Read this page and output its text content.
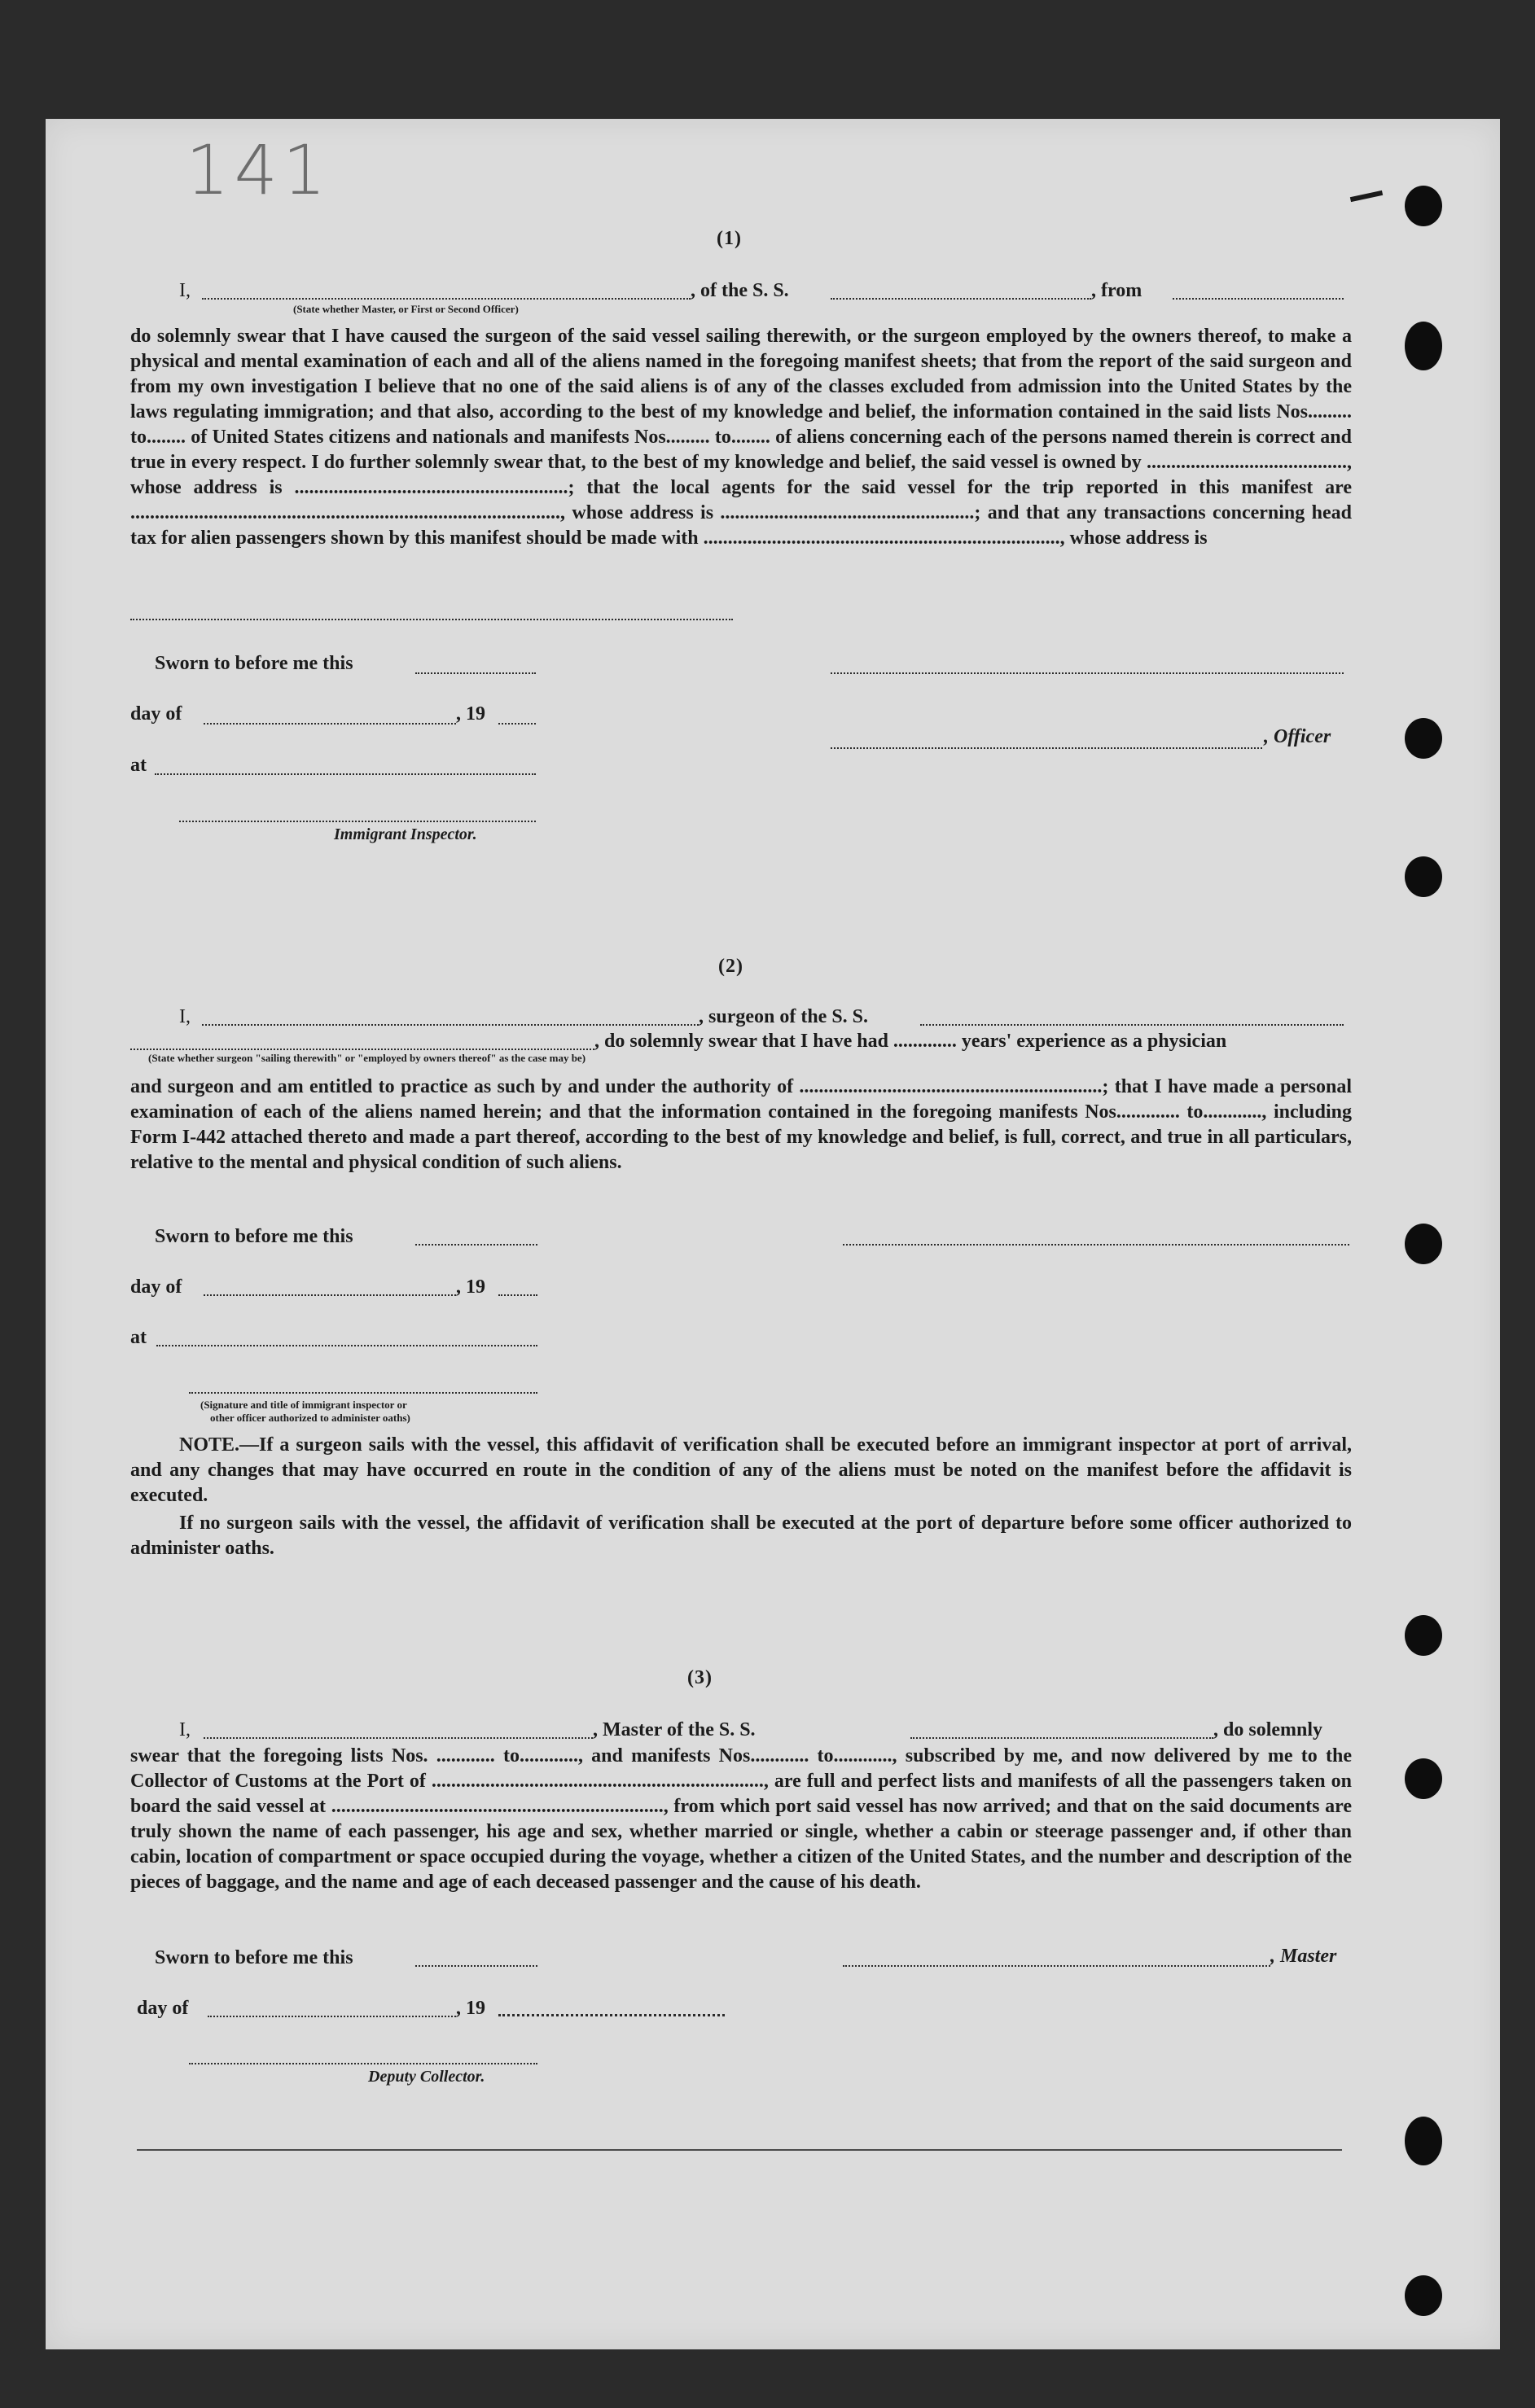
141
(1)
I,
(State whether Master, or First or Second Officer)
, of the S. S.	, from
do solemnly swear that I have caused the surgeon of the said vessel sailing therewith, or the surgeon employed by the owners thereof, to make a physical and mental examination of each and all of the aliens named in the foregoing manifest sheets; that from the report of the said surgeon and from my own investigation I believe that no one of the said aliens is of any of the classes excluded from admission into the United States by the laws regulating immigration; and that also, according to the best of my knowledge and belief, the information contained in the said lists Nos......... to........ of United States citizens and nationals and manifests Nos......... to........ of aliens concerning each of the persons named therein is correct and true in every respect. I do further solemnly swear that, to the best of my knowledge and belief, the said vessel is owned by ........................................., whose address is ........................................................; that the local agents for the said vessel for the trip reported in this manifest are ........................................................................................, whose address is ....................................................; and that any transactions concerning head tax for alien passengers shown by this manifest should be made with ........................................................................., whose address is
Sworn to before me this
day of	, 19
, Officer
at
Immigrant Inspector.
(2)
I,	, surgeon of the S. S.
, do solemnly swear that I have had ............. years' experience as a physician
(State whether surgeon "sailing therewith" or "employed by owners thereof" as the case may be)
and surgeon and am entitled to practice as such by and under the authority of ..............................................................; that I have made a personal examination of each of the aliens named herein; and that the information contained in the foregoing manifests Nos............. to............, including Form I-442 attached thereto and made a part thereof, according to the best of my knowledge and belief, is full, correct, and true in all particulars, relative to the mental and physical condition of such aliens.
Sworn to before me this
day of	, 19
at
(Signature and title of immigrant inspector or
other officer authorized to administer oaths)
NOTE.—If a surgeon sails with the vessel, this affidavit of verification shall be executed before an immigrant inspector at port of arrival, and any changes that may have occurred en route in the condition of any of the aliens must be noted on the manifest before the affidavit is executed.
If no surgeon sails with the vessel, the affidavit of verification shall be executed at the port of departure before some officer authorized to administer oaths.
(3)
I,	, Master of the S. S.	, do solemnly
swear that the foregoing lists Nos. ............ to............, and manifests Nos............ to............, subscribed by me, and now delivered by me to the Collector of Customs at the Port of ...................................................................., are full and perfect lists and manifests of all the passengers taken on board the said vessel at ...................................................................., from which port said vessel has now arrived; and that on the said documents are truly shown the name of each passenger, his age and sex, whether married or single, whether a cabin or steerage passenger and, if other than cabin, location of compartment or space occupied during the voyage, whether a citizen of the United States, and the number and description of the pieces of baggage, and the name and age of each deceased passenger and the cause of his death.
Sworn to before me this	, Master
day of	, 19
Deputy Collector.
